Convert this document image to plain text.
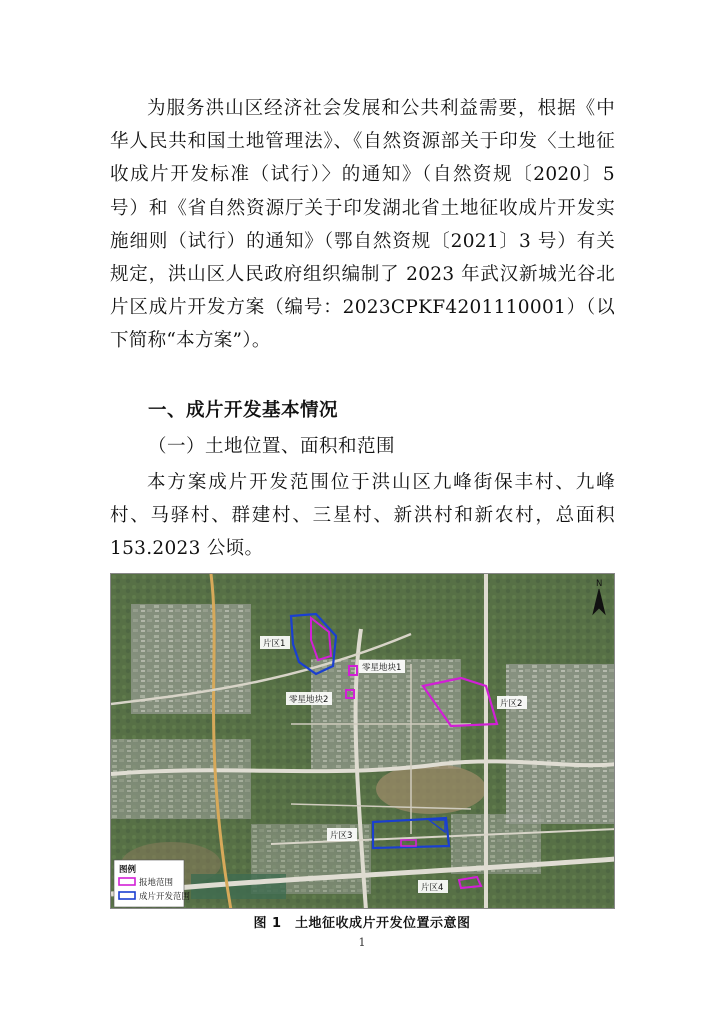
为服务洪山区经济社会发展和公共利益需要，根据《中华人民共和国土地管理法》、《自然资源部关于印发〈土地征收成片开发标准（试行）〉的通知》（自然资规〔2020〕5 号）和《省自然资源厅关于印发湖北省土地征收成片开发实施细则（试行）的通知》（鄂自然资规〔2021〕3 号）有关规定，洪山区人民政府组织编制了 2023 年武汉新城光谷北片区成片开发方案（编号：2023CPKF4201110001）（以下简称“本方案”）。
一、成片开发基本情况
（一）土地位置、面积和范围
本方案成片开发范围位于洪山区九峰街保丰村、九峰村、马驿村、群建村、三星村、新洪村和新农村，总面积 153.2023 公顷。
片区1
零星地块1
零星地块2	片区2
片区3
片区4
N
图例
报地范围
成片开发范围
图 1　土地征收成片开发位置示意图
1
